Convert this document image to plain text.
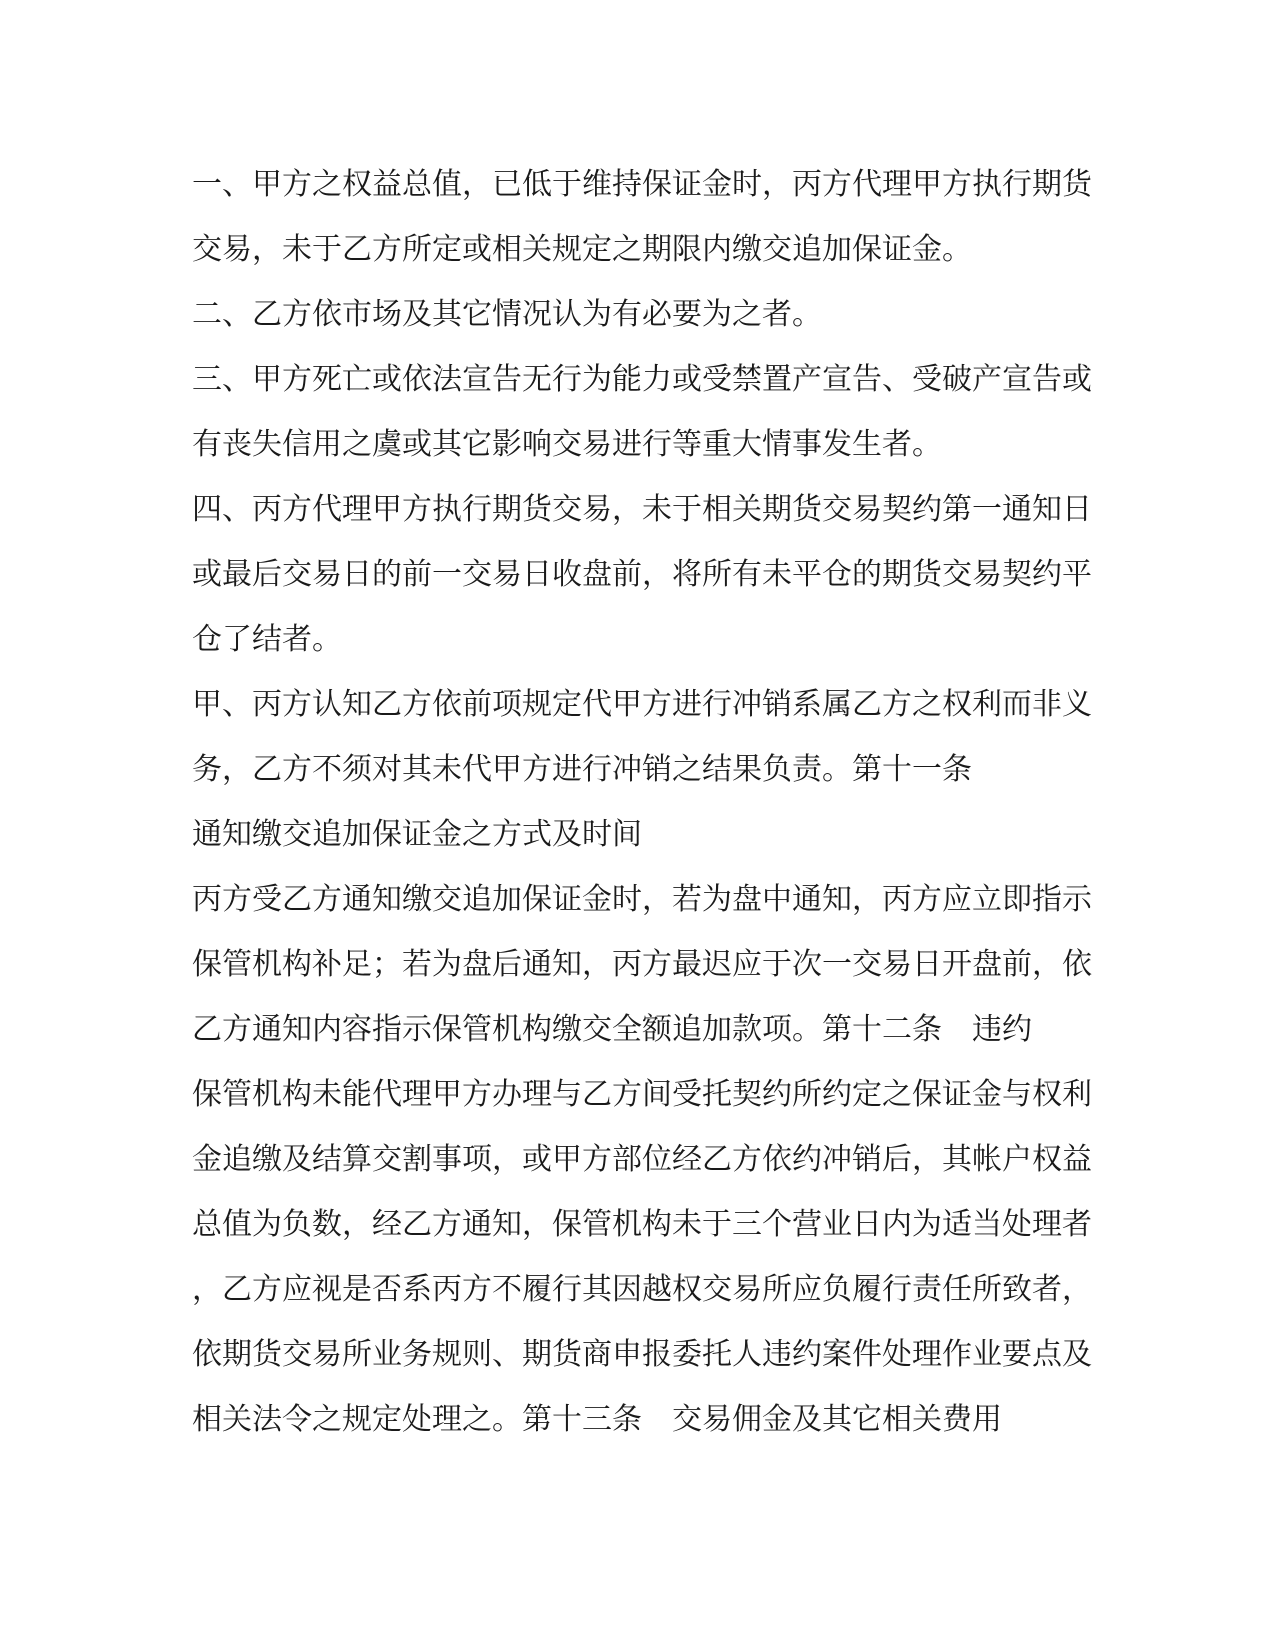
一、甲方之权益总值，已低于维持保证金时，丙方代理甲方执行期货
交易，未于乙方所定或相关规定之期限内缴交追加保证金。
二、乙方依市场及其它情况认为有必要为之者。
三、甲方死亡或依法宣告无行为能力或受禁置产宣告、受破产宣告或
有丧失信用之虞或其它影响交易进行等重大情事发生者。
四、丙方代理甲方执行期货交易，未于相关期货交易契约第一通知日
或最后交易日的前一交易日收盘前，将所有未平仓的期货交易契约平
仓了结者。
甲、丙方认知乙方依前项规定代甲方进行冲销系属乙方之权利而非义
务，乙方不须对其未代甲方进行冲销之结果负责。第十一条
通知缴交追加保证金之方式及时间
丙方受乙方通知缴交追加保证金时，若为盘中通知，丙方应立即指示
保管机构补足；若为盘后通知，丙方最迟应于次一交易日开盘前，依
乙方通知内容指示保管机构缴交全额追加款项。第十二条　违约
保管机构未能代理甲方办理与乙方间受托契约所约定之保证金与权利
金追缴及结算交割事项，或甲方部位经乙方依约冲销后，其帐户权益
总值为负数，经乙方通知，保管机构未于三个营业日内为适当处理者
，乙方应视是否系丙方不履行其因越权交易所应负履行责任所致者，
依期货交易所业务规则、期货商申报委托人违约案件处理作业要点及
相关法令之规定处理之。第十三条　交易佣金及其它相关费用
